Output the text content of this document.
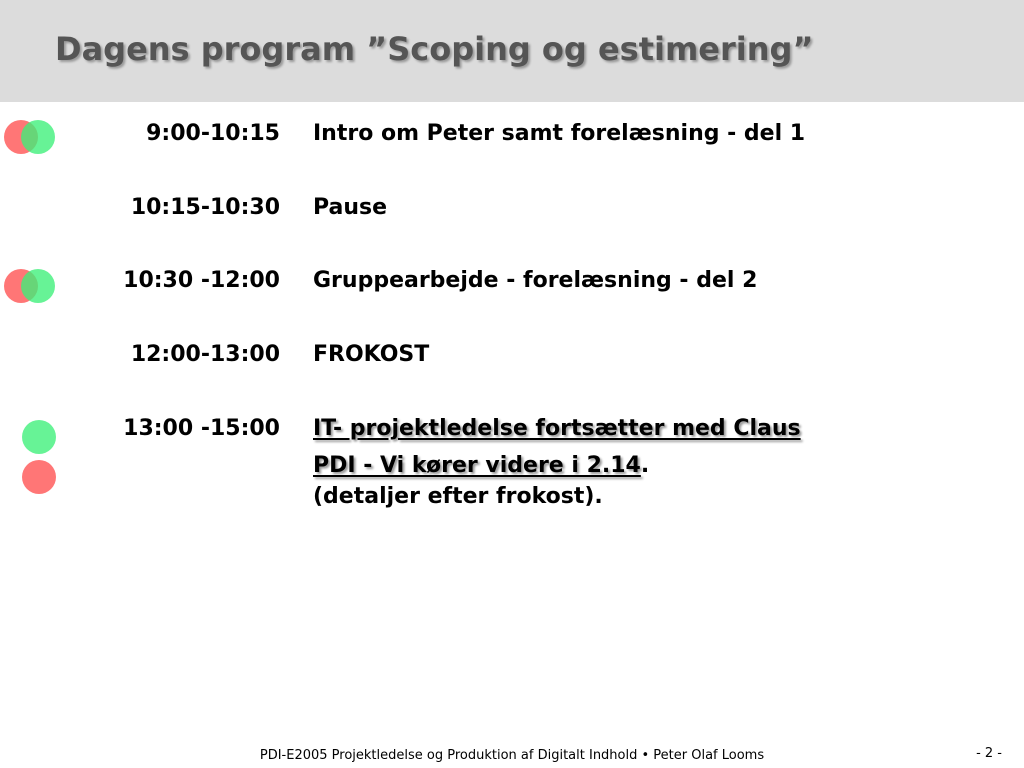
Dagens program ”Scoping og estimering”
9:00-10:15 Intro om Peter samt forelæsning - del 1
10:15-10:30 Pause
10:30 -12:00 Gruppearbejde - forelæsning - del 2
12:00-13:00 FROKOST
13:00 -15:00 IT- projektledelse fortsætter med Claus
PDI - Vi kører videre i 2.14.
(detaljer efter frokost).
PDI-E2005 Projektledelse og Produktion af Digitalt Indhold • Peter Olaf Looms	- 2 -
